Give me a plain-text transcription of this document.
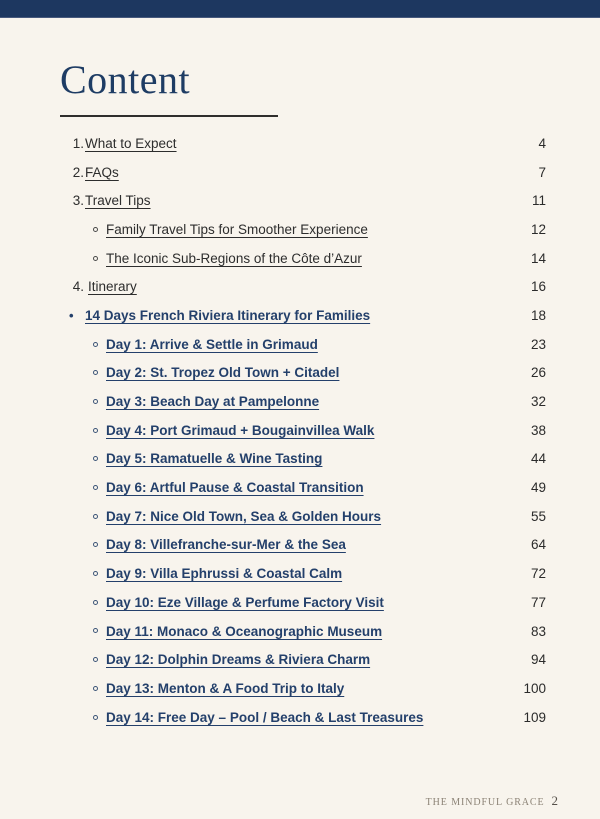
Content
1. What to Expect	4
2. FAQs	7
3. Travel Tips	11
Family Travel Tips for Smoother Experience	12
The Iconic Sub-Regions of the Côte d’Azur	14
4. Itinerary	16
• 14 Days French Riviera Itinerary for Families	18
Day 1: Arrive & Settle in Grimaud	23
Day 2: St. Tropez Old Town + Citadel	26
Day 3: Beach Day at Pampelonne	32
Day 4: Port Grimaud + Bougainvillea Walk	38
Day 5: Ramatuelle & Wine Tasting	44
Day 6: Artful Pause & Coastal Transition	49
Day 7: Nice Old Town, Sea & Golden Hours	55
Day 8: Villefranche-sur-Mer & the Sea	64
Day 9: Villa Ephrussi & Coastal Calm	72
Day 10: Eze Village & Perfume Factory Visit	77
Day 11: Monaco & Oceanographic Museum	83
Day 12: Dolphin Dreams & Riviera Charm	94
Day 13: Menton & A Food Trip to Italy	100
Day 14: Free Day – Pool / Beach & Last Treasures	109
THE MINDFUL GRACE 2
